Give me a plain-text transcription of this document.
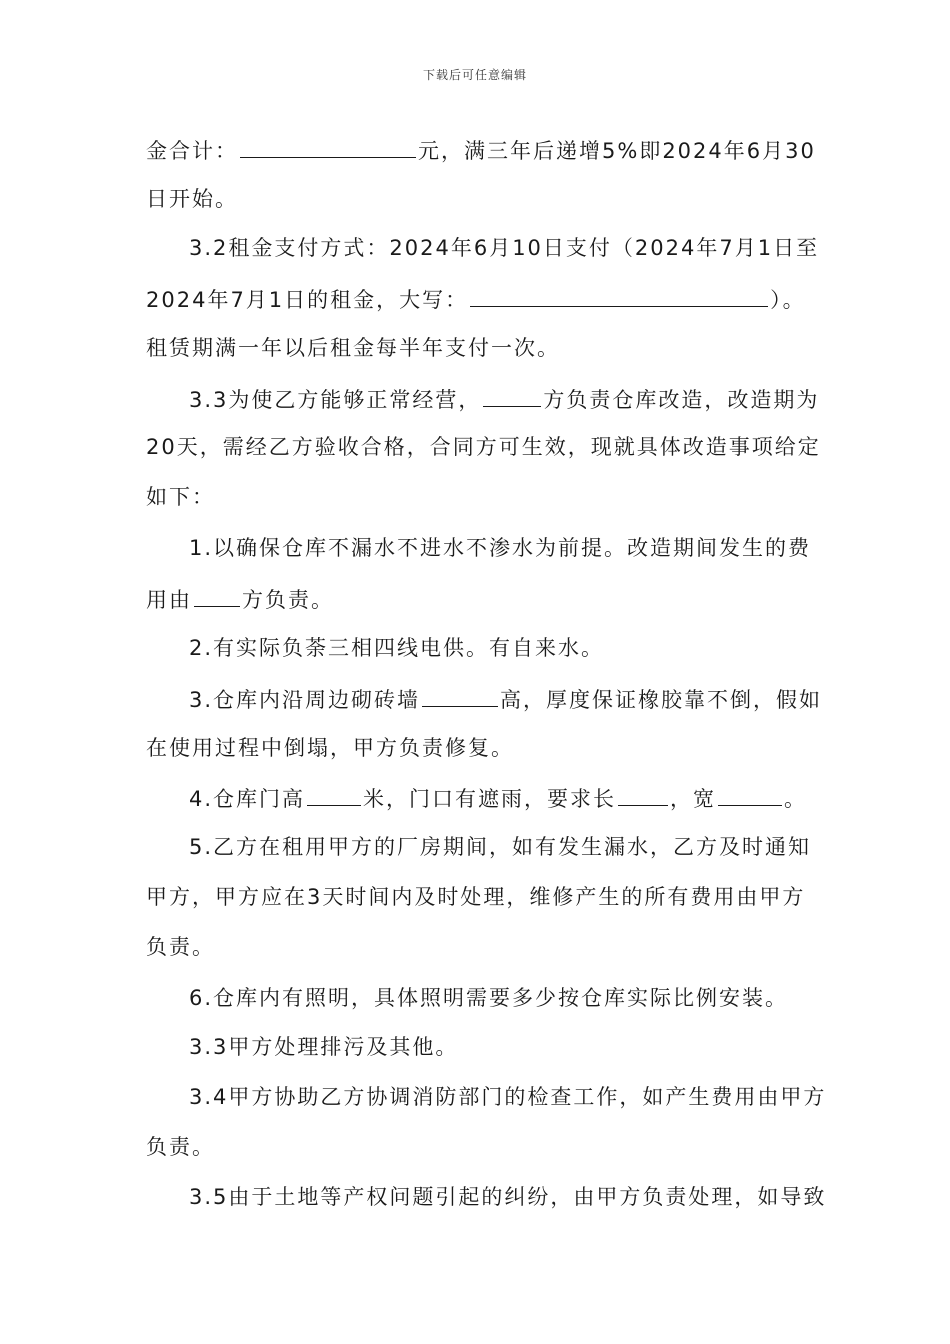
下载后可任意编辑
金合计：	元，满三年后递增5%即2024年6月30
日开始。
3.2租金支付方式：2024年6月10日支付（2024年7月1日至
2024年7月1日的租金，大写：	）。
租赁期满一年以后租金每半年支付一次。
3.3为使乙方能够正常经营，	方负责仓库改造，改造期为
20天，需经乙方验收合格，合同方可生效，现就具体改造事项给定
如下：
1.以确保仓库不漏水不进水不渗水为前提。改造期间发生的费
用由 方负责。
2.有实际负荼三相四线电供。有自来水。
3.仓库内沿周边砌砖墙	高，厚度保证橡胶靠不倒，假如
在使用过程中倒塌，甲方负责修复。
4.仓库门高	米，门口有遮雨，要求长	，宽	。
5.乙方在租用甲方的厂房期间，如有发生漏水，乙方及时通知
甲方，甲方应在3天时间内及时处理，维修产生的所有费用由甲方
负责。
6.仓库内有照明，具体照明需要多少按仓库实际比例安装。
3.3甲方处理排污及其他。
3.4甲方协助乙方协调消防部门的检查工作，如产生费用由甲方
负责。
3.5由于土地等产权问题引起的纠纷，由甲方负责处理，如导致
